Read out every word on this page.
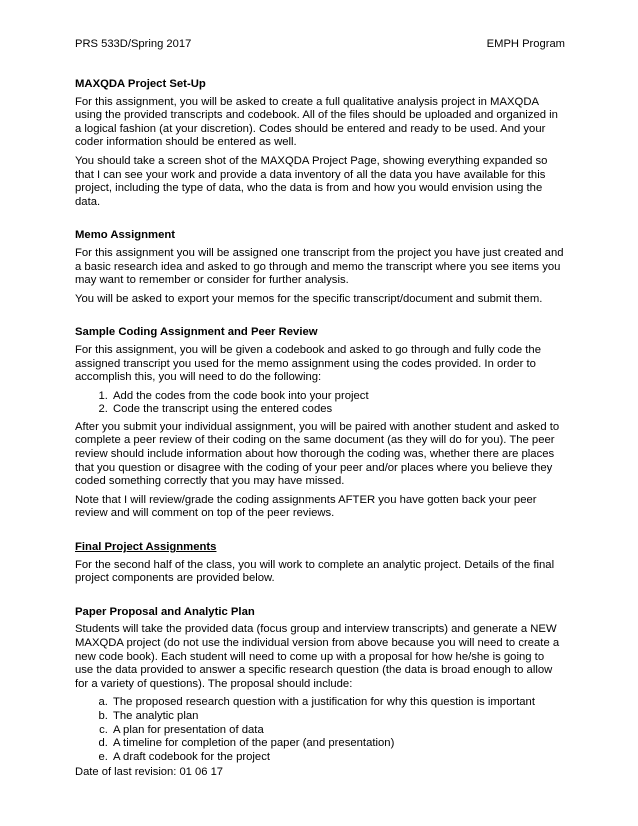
PRS 533D/Spring 2017	EMPH Program
MAXQDA Project Set-Up

For this assignment, you will be asked to create a full qualitative analysis project in MAXQDA using the provided transcripts and codebook. All of the files should be uploaded and organized in a logical fashion (at your discretion). Codes should be entered and ready to be used. And your coder information should be entered as well.

You should take a screen shot of the MAXQDA Project Page, showing everything expanded so that I can see your work and provide a data inventory of all the data you have available for this project, including the type of data, who the data is from and how you would envision using the data.

Memo Assignment

For this assignment you will be assigned one transcript from the project you have just created and a basic research idea and asked to go through and memo the transcript where you see items you may want to remember or consider for further analysis.

You will be asked to export your memos for the specific transcript/document and submit them.

Sample Coding Assignment and Peer Review

For this assignment, you will be given a codebook and asked to go through and fully code the assigned transcript you used for the memo assignment using the codes provided. In order to accomplish this, you will need to do the following:

1. Add the codes from the code book into your project
2. Code the transcript using the entered codes

After you submit your individual assignment, you will be paired with another student and asked to complete a peer review of their coding on the same document (as they will do for you). The peer review should include information about how thorough the coding was, whether there are places that you question or disagree with the coding of your peer and/or places where you believe they coded something correctly that you may have missed.

Note that I will review/grade the coding assignments AFTER you have gotten back your peer review and will comment on top of the peer reviews.

Final Project Assignments

For the second half of the class, you will work to complete an analytic project. Details of the final project components are provided below.

Paper Proposal and Analytic Plan

Students will take the provided data (focus group and interview transcripts) and generate a NEW MAXQDA project (do not use the individual version from above because you will need to create a new code book). Each student will need to come up with a proposal for how he/she is going to use the data provided to answer a specific research question (the data is broad enough to allow for a variety of questions). The proposal should include:

a. The proposed research question with a justification for why this question is important
b. The analytic plan
c. A plan for presentation of data
d. A timeline for completion of the paper (and presentation)
e. A draft codebook for the project
Date of last revision: 01 06 17
